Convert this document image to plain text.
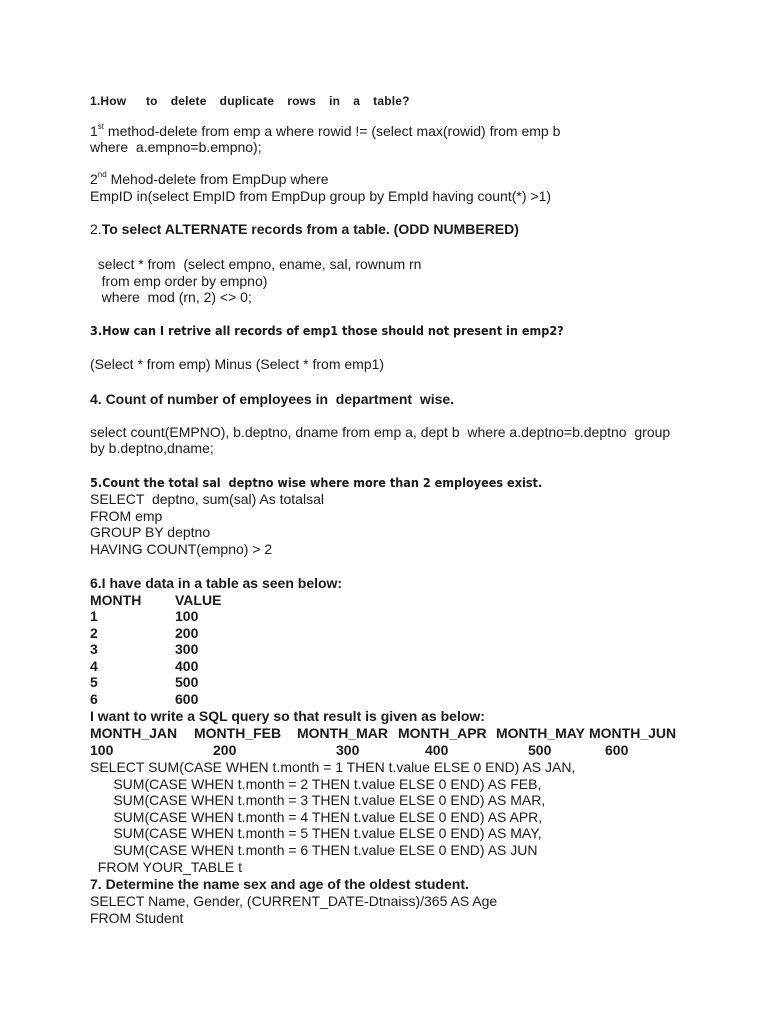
1.How   to  delete  duplicate  rows  in  a  table?
1st method-delete from emp a where rowid != (select max(rowid) from emp b
where  a.empno=b.empno);
2nd Mehod-delete from EmpDup where
EmpID in(select EmpID from EmpDup group by EmpId having count(*) >1)
2.To select ALTERNATE records from a table. (ODD NUMBERED)
select * from  (select empno, ename, sal, rownum rn
from emp order by empno)
where  mod (rn, 2) <> 0;
3.How can I retrive all records of emp1 those should not present in emp2?
(Select * from emp) Minus (Select * from emp1)
4. Count of number of employees in  department  wise.
select count(EMPNO), b.deptno, dname from emp a, dept b  where a.deptno=b.deptno  group
by b.deptno,dname;
5.Count the total sal  deptno wise where more than 2 employees exist.
SELECT  deptno, sum(sal) As totalsal
FROM emp
GROUP BY deptno
HAVING COUNT(empno) > 2
6.I have data in a table as seen below:
MONTH VALUE
1	100
2	200
3	300
4	400
5	500
6	600
I want to write a SQL query so that result is given as below:
MONTH_JAN MONTH_FEB MONTH_MAR MONTH_APR MONTH_MAY MONTH_JUN
100	200	300	400	500	600
SELECT SUM(CASE WHEN t.month = 1 THEN t.value ELSE 0 END) AS JAN,
SUM(CASE WHEN t.month = 2 THEN t.value ELSE 0 END) AS FEB,
SUM(CASE WHEN t.month = 3 THEN t.value ELSE 0 END) AS MAR,
SUM(CASE WHEN t.month = 4 THEN t.value ELSE 0 END) AS APR,
SUM(CASE WHEN t.month = 5 THEN t.value ELSE 0 END) AS MAY,
SUM(CASE WHEN t.month = 6 THEN t.value ELSE 0 END) AS JUN
FROM YOUR_TABLE t
7. Determine the name sex and age of the oldest student.
SELECT Name, Gender, (CURRENT_DATE-Dtnaiss)/365 AS Age
FROM Student
